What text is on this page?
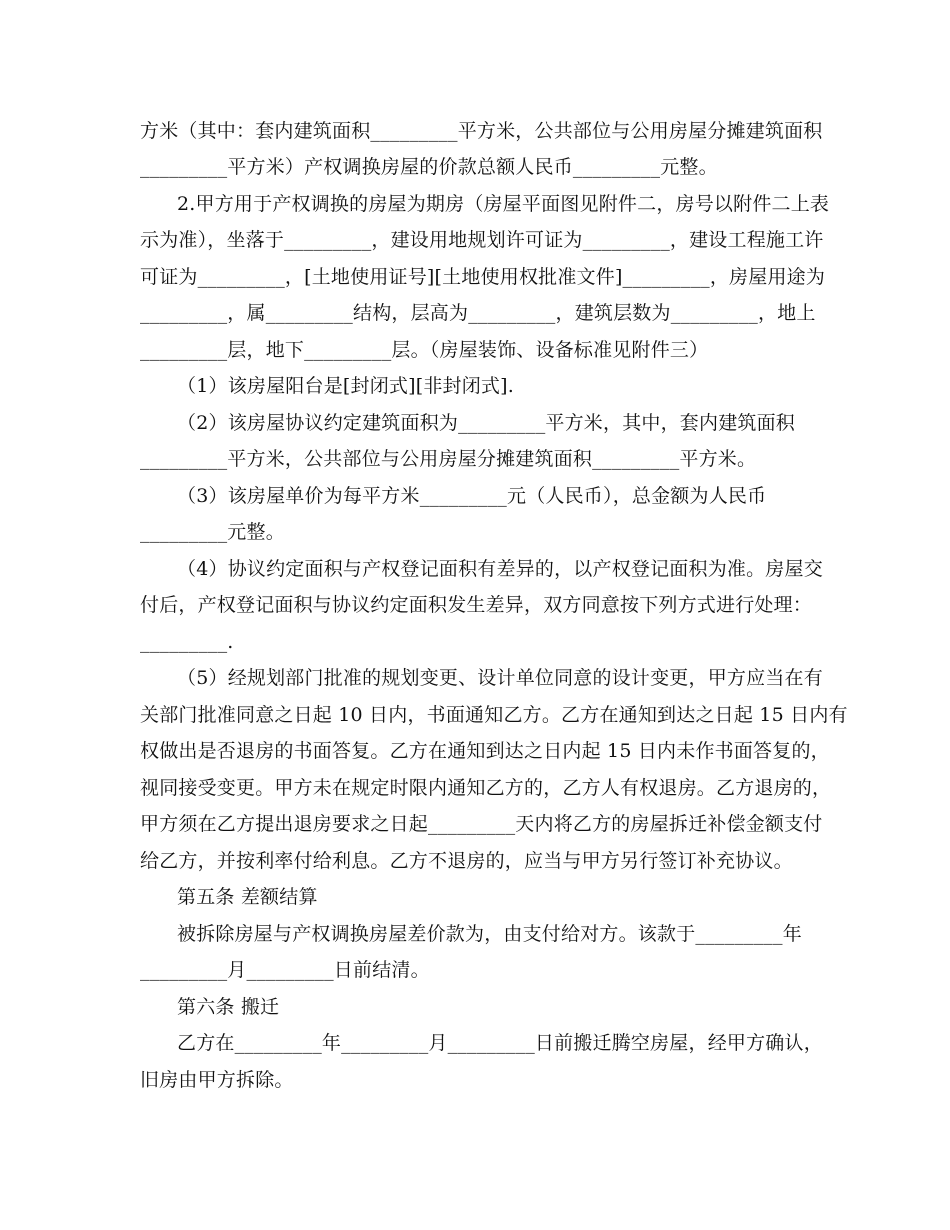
方米（其中：套内建筑面积_________平方米，公共部位与公用房屋分摊建筑面积
_________平方米）产权调换房屋的价款总额人民币_________元整。
2.甲方用于产权调换的房屋为期房（房屋平面图见附件二，房号以附件二上表
示为准），坐落于_________，建设用地规划许可证为_________，建设工程施工许
可证为_________，[土地使用证号][土地使用权批准文件]_________，房屋用途为
_________，属_________结构，层高为_________，建筑层数为_________，地上
_________层，地下_________层。（房屋装饰、设备标准见附件三）
（1）该房屋阳台是[封闭式][非封闭式].
（2）该房屋协议约定建筑面积为_________平方米，其中，套内建筑面积
_________平方米，公共部位与公用房屋分摊建筑面积_________平方米。
（3）该房屋单价为每平方米_________元（人民币），总金额为人民币
_________元整。
（4）协议约定面积与产权登记面积有差异的，以产权登记面积为准。房屋交
付后，产权登记面积与协议约定面积发生差异，双方同意按下列方式进行处理：
_________.
（5）经规划部门批准的规划变更、设计单位同意的设计变更，甲方应当在有
关部门批准同意之日起 10 日内，书面通知乙方。乙方在通知到达之日起 15 日内有
权做出是否退房的书面答复。乙方在通知到达之日内起 15 日内未作书面答复的，
视同接受变更。甲方未在规定时限内通知乙方的，乙方人有权退房。乙方退房的，
甲方须在乙方提出退房要求之日起_________天内将乙方的房屋拆迁补偿金额支付
给乙方，并按利率付给利息。乙方不退房的，应当与甲方另行签订补充协议。
第五条 差额结算
被拆除房屋与产权调换房屋差价款为，由支付给对方。该款于_________年
_________月_________日前结清。
第六条 搬迁
乙方在_________年_________月_________日前搬迁腾空房屋，经甲方确认，
旧房由甲方拆除。
